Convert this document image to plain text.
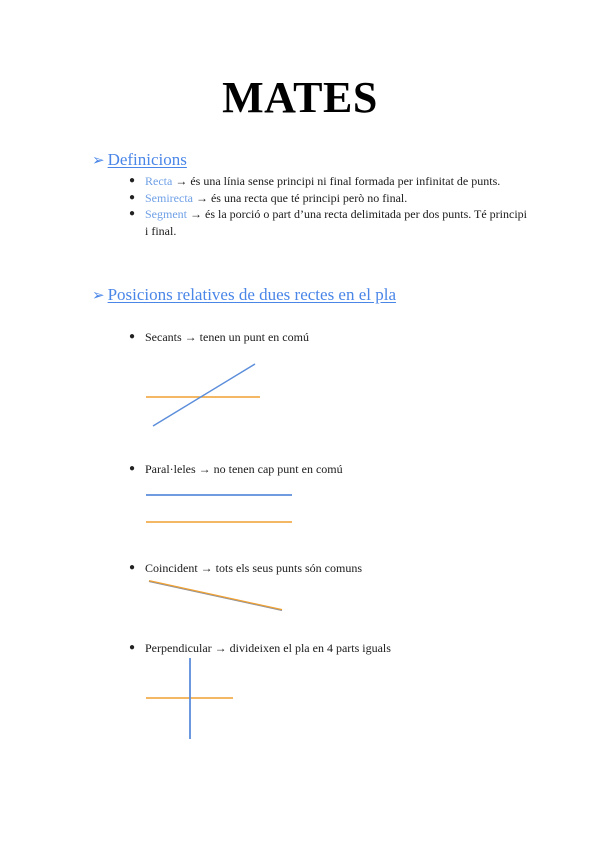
MATES
➢ Definicions
● Recta → és una línia sense principi ni final formada per infinitat de punts.
● Semirecta → és una recta que té principi però no final.
● Segment → és la porció o part d’una recta delimitada per dos punts. Té principi i final.
➢ Posicions relatives de dues rectes en el pla
● Secants → tenen un punt en comú
● Paral·leles → no tenen cap punt en comú
● Coincident → tots els seus punts són comuns
● Perpendicular → divideixen el pla en 4 parts iguals
